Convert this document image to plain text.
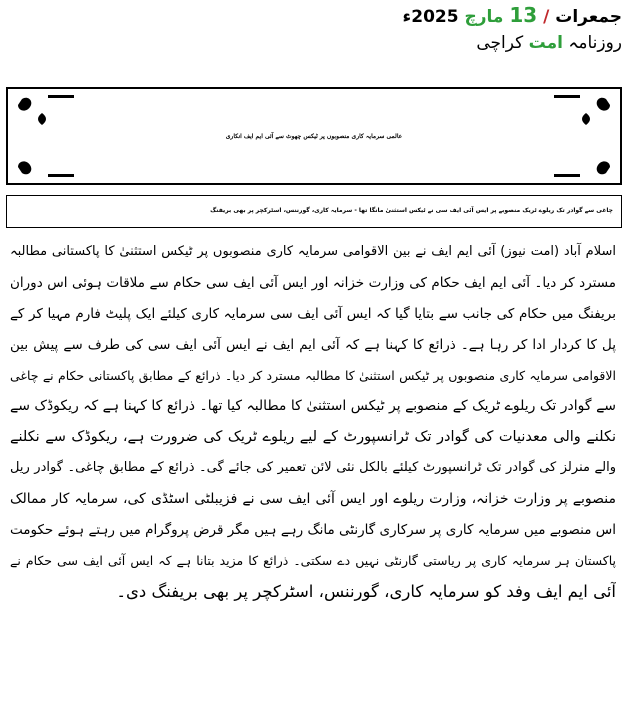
جمعرات / 13 مارچ 2025ء
روزنامہ امت کراچی
عالمی سرمایہ کاری منصوبوں پر ٹیکس چھوٹ سے آئی ایم ایف انکاری
چاغی سے گوادر تک ریلوے ٹریک منصوبے پر ایس آئی ایف سی نے ٹیکس استثنیٰ مانگا تھا - سرمایہ کاری، گورننس، اسٹرکچر پر بھی بریفنگ
اسلام آباد (امت نیوز) آئی ایم ایف نے بین الاقوامی سرمایہ کاری منصوبوں پر ٹیکس استثنیٰ کا پاکستانی مطالبہ
مسترد کر دیا۔ آئی ایم ایف حکام کی وزارت خزانہ اور ایس آئی ایف سی حکام سے ملاقات ہوئی اس دوران
بریفنگ میں حکام کی جانب سے بتایا گیا کہ ایس آئی ایف سی سرمایہ کاری کیلئے ایک پلیٹ فارم مہیا کر کے
پل کا کردار ادا کر رہا ہے۔ ذرائع کا کہنا ہے کہ آئی ایم ایف نے ایس آئی ایف سی کی طرف سے پیش بین
الاقوامی سرمایہ کاری منصوبوں پر ٹیکس استثنیٰ کا مطالبہ مسترد کر دیا۔ ذرائع کے مطابق پاکستانی حکام نے چاغی
سے گوادر تک ریلوے ٹریک کے منصوبے پر ٹیکس استثنیٰ کا مطالبہ کیا تھا۔ ذرائع کا کہنا ہے کہ ریکوڈک سے
نکلنے والی معدنیات کی گوادر تک ٹرانسپورٹ کے لیے ریلوے ٹریک کی ضرورت ہے، ریکوڈک سے نکلنے
والے منرلز کی گوادر تک ٹرانسپورٹ کیلئے بالکل نئی لائن تعمیر کی جائے گی۔ ذرائع کے مطابق چاغی۔ گوادر ریل
منصوبے پر وزارت خزانہ، وزارت ریلوے اور ایس آئی ایف سی نے فزیبلٹی اسٹڈی کی، سرمایہ کار ممالک
اس منصوبے میں سرمایہ کاری پر سرکاری گارنٹی مانگ رہے ہیں مگر قرض پروگرام میں رہتے ہوئے حکومت
پاکستان ہر سرمایہ کاری پر ریاستی گارنٹی نہیں دے سکتی۔ ذرائع کا مزید بتانا ہے کہ ایس آئی ایف سی حکام نے
آئی ایم ایف وفد کو سرمایہ کاری، گورننس، اسٹرکچر پر بھی بریفنگ دی۔
